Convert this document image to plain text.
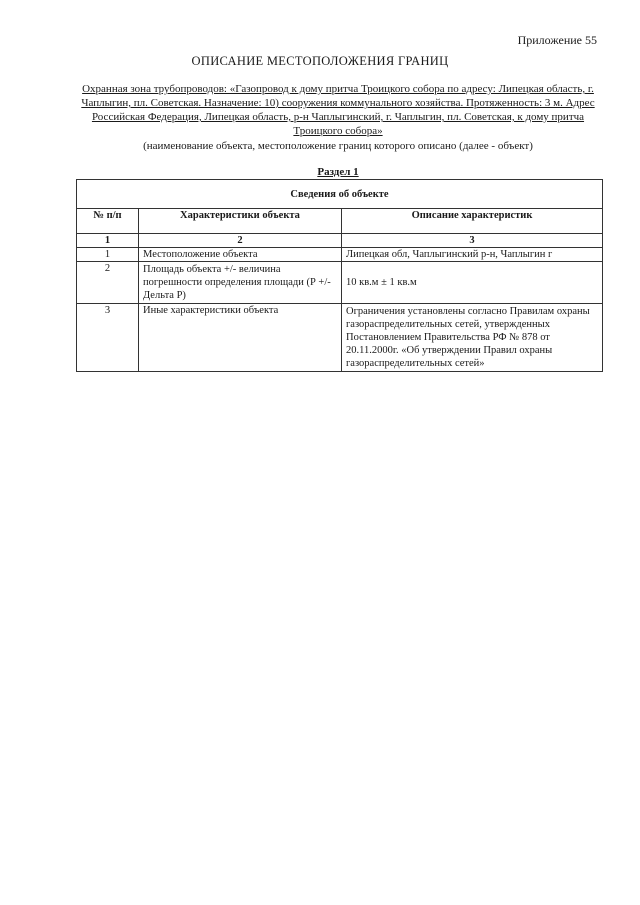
Приложение 55
ОПИСАНИЕ МЕСТОПОЛОЖЕНИЯ ГРАНИЦ
Охранная зона трубопроводов: «Газопровод к дому притча Троицкого собора по адресу: Липецкая область, г. Чаплыгин, пл. Советская. Назначение: 10) сооружения коммунального хозяйства. Протяженность: 3 м. Адрес Российская Федерация, Липецкая область, р-н Чаплыгинский, г. Чаплыгин, пл. Советская, к дому притча Троицкого собора»
(наименование объекта, местоположение границ которого описано (далее - объект)
Раздел 1
Сведения об объекте		
№ п/п	Характеристики объекта	Описание характеристик
1	2	3
1	Местоположение объекта	Липецкая обл, Чаплыгинский р-н, Чаплыгин г
2	Площадь объекта +/- величина погрешности определения площади (Р +/- Дельта Р)	10 кв.м ± 1 кв.м
3	Иные характеристики объекта	Ограничения установлены согласно Правилам охраны газораспределительных сетей, утвержденных Постановлением Правительства РФ № 878 от 20.11.2000г. «Об утверждении Правил охраны газораспределительных сетей»
